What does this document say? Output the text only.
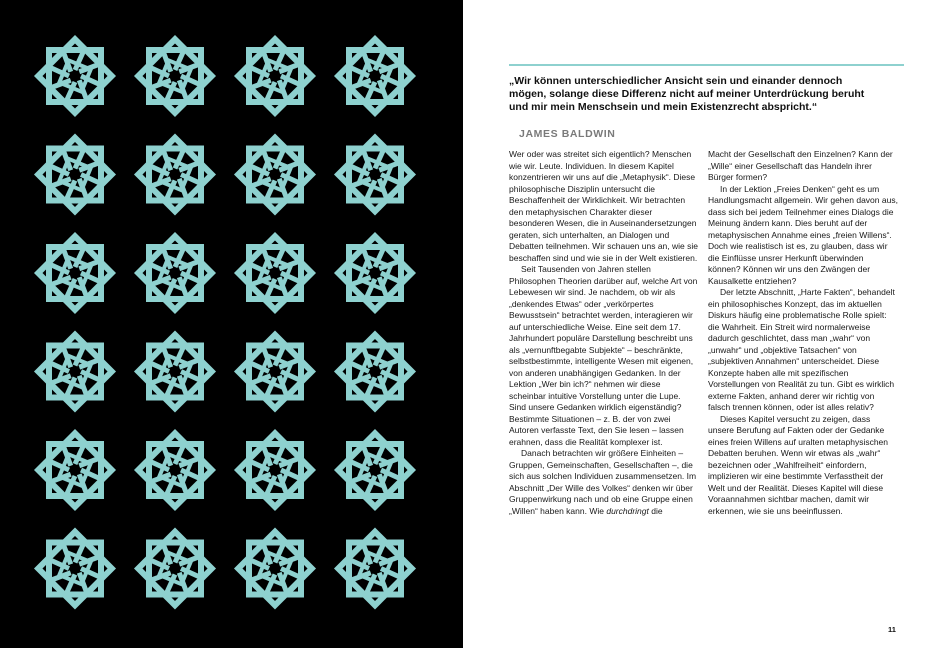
„Wir können unterschiedlicher Ansicht sein und einander dennoch mögen, solange diese Differenz nicht auf meiner Unterdrückung beruht und mir mein Menschsein und mein Existenzrecht abspricht.“

JAMES BALDWIN

Wer oder was streitet sich eigentlich? Menschen wie wir. Leute. Individuen. In diesem Kapitel konzentrieren wir uns auf die „Metaphysik“. Diese philosophische Disziplin untersucht die Beschaffenheit der Wirklichkeit. Wir betrachten den metaphysischen Charakter dieser besonderen Wesen, die in Auseinandersetzungen geraten, sich unterhalten, an Dialogen und Debatten teilnehmen. Wir schauen uns an, wie sie beschaffen sind und wie sie in der Welt existieren.

Seit Tausenden von Jahren stellen Philosophen Theorien darüber auf, welche Art von Lebewesen wir sind. Je nachdem, ob wir als „denkendes Etwas“ oder „verkörpertes Bewusstsein“ betrachtet werden, interagieren wir auf unterschiedliche Weise. Eine seit dem 17. Jahrhundert populäre Darstellung beschreibt uns als „vernunftbegabte Subjekte“ – beschränkte, selbstbestimmte, intelligente Wesen mit eigenen, von anderen unabhängigen Gedanken. In der Lektion „Wer bin ich?“ nehmen wir diese scheinbar intuitive Vorstellung unter die Lupe. Sind unsere Gedanken wirklich eigenständig? Bestimmte Situationen – z. B. der von zwei Autoren verfasste Text, den Sie lesen – lassen erahnen, dass die Realität komplexer ist.

Danach betrachten wir größere Einheiten – Gruppen, Gemeinschaften, Gesellschaften –, die sich aus solchen Individuen zusammensetzen. Im Abschnitt „Der Wille des Volkes“ denken wir über Gruppenwirkung nach und ob eine Gruppe einen „Willen“ haben kann. Wie durchdringt die

Macht der Gesellschaft den Einzelnen? Kann der „Wille“ einer Gesellschaft das Handeln ihrer Bürger formen?

In der Lektion „Freies Denken“ geht es um Handlungsmacht allgemein. Wir gehen davon aus, dass sich bei jedem Teilnehmer eines Dialogs die Meinung ändern kann. Dies beruht auf der metaphysischen Annahme eines „freien Willens“. Doch wie realistisch ist es, zu glauben, dass wir die Einflüsse unsrer Herkunft überwinden können? Können wir uns den Zwängen der Kausalkette entziehen?

Der letzte Abschnitt, „Harte Fakten“, behandelt ein philosophisches Konzept, das im aktuellen Diskurs häufig eine problematische Rolle spielt: die Wahrheit. Ein Streit wird normalerweise dadurch geschlichtet, dass man „wahr“ von „unwahr“ und „objektive Tatsachen“ von „subjektiven Annahmen“ unterscheidet. Diese Konzepte haben alle mit spezifischen Vorstellungen von Realität zu tun. Gibt es wirklich externe Fakten, anhand derer wir richtig von falsch trennen können, oder ist alles relativ?

Dieses Kapitel versucht zu zeigen, dass unsere Berufung auf Fakten oder der Gedanke eines freien Willens auf uralten metaphysischen Debatten beruhen. Wenn wir etwas als „wahr“ bezeichnen oder „Wahlfreiheit“ einfordern, implizieren wir eine bestimmte Verfasstheit der Welt und der Realität. Dieses Kapitel will diese Voraannahmen sichtbar machen, damit wir erkennen, wie sie uns beeinflussen.

11
